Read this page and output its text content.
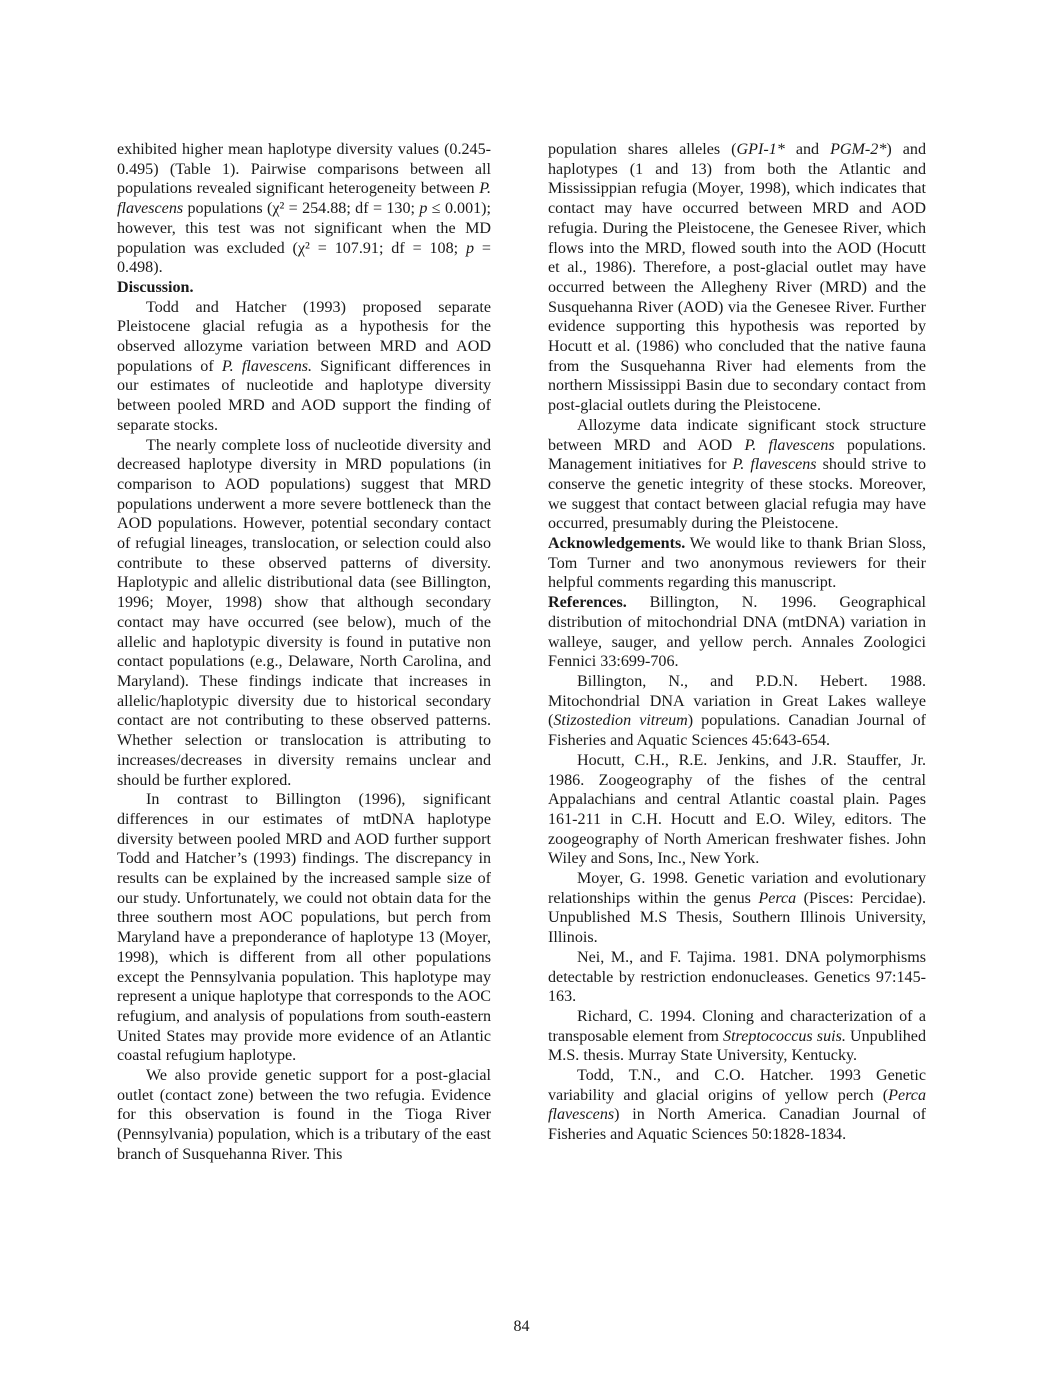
exhibited higher mean haplotype diversity values (0.245-0.495) (Table 1). Pairwise comparisons between all populations revealed significant heterogeneity between P. flavescens populations (χ² = 254.88; df = 130; p ≤ 0.001); however, this test was not significant when the MD population was excluded (χ² = 107.91; df = 108; p = 0.498).

Discussion.

Todd and Hatcher (1993) proposed separate Pleistocene glacial refugia as a hypothesis for the observed allozyme variation between MRD and AOD populations of P. flavescens. Significant differences in our estimates of nucleotide and haplotype diversity between pooled MRD and AOD support the finding of separate stocks.

The nearly complete loss of nucleotide diversity and decreased haplotype diversity in MRD populations (in comparison to AOD populations) suggest that MRD populations underwent a more severe bottleneck than the AOD populations. However, potential secondary contact of refugial lineages, translocation, or selection could also contribute to these observed patterns of diversity. Haplotypic and allelic distributional data (see Billington, 1996; Moyer, 1998) show that although secondary contact may have occurred (see below), much of the allelic and haplotypic diversity is found in putative non contact populations (e.g., Delaware, North Carolina, and Maryland). These findings indicate that increases in allelic/haplotypic diversity due to historical secondary contact are not contributing to these observed patterns. Whether selection or translocation is attributing to increases/decreases in diversity remains unclear and should be further explored.

In contrast to Billington (1996), significant differences in our estimates of mtDNA haplotype diversity between pooled MRD and AOD further support Todd and Hatcher’s (1993) findings. The discrepancy in results can be explained by the increased sample size of our study. Unfortunately, we could not obtain data for the three southern most AOC populations, but perch from Maryland have a preponderance of haplotype 13 (Moyer, 1998), which is different from all other populations except the Pennsylvania population. This haplotype may represent a unique haplotype that corresponds to the AOC refugium, and analysis of populations from south-eastern United States may provide more evidence of an Atlantic coastal refugium haplotype.

We also provide genetic support for a post-glacial outlet (contact zone) between the two refugia. Evidence for this observation is found in the Tioga River (Pennsylvania) population, which is a tributary of the east branch of Susquehanna River. This

population shares alleles (GPI-1* and PGM-2*) and haplotypes (1 and 13) from both the Atlantic and Mississippian refugia (Moyer, 1998), which indicates that contact may have occurred between MRD and AOD refugia. During the Pleistocene, the Genesee River, which flows into the MRD, flowed south into the AOD (Hocutt et al., 1986). Therefore, a post-glacial outlet may have occurred between the Allegheny River (MRD) and the Susquehanna River (AOD) via the Genesee River. Further evidence supporting this hypothesis was reported by Hocutt et al. (1986) who concluded that the native fauna from the Susquehanna River had elements from the northern Mississippi Basin due to secondary contact from post-glacial outlets during the Pleistocene.

Allozyme data indicate significant stock structure between MRD and AOD P. flavescens populations. Management initiatives for P. flavescens should strive to conserve the genetic integrity of these stocks. Moreover, we suggest that contact between glacial refugia may have occurred, presumably during the Pleistocene.

Acknowledgements. We would like to thank Brian Sloss, Tom Turner and two anonymous reviewers for their helpful comments regarding this manuscript.

References. Billington, N. 1996. Geographical distribution of mitochondrial DNA (mtDNA) variation in walleye, sauger, and yellow perch. Annales Zoologici Fennici 33:699-706.

Billington, N., and P.D.N. Hebert. 1988. Mitochondrial DNA variation in Great Lakes walleye (Stizostedion vitreum) populations. Canadian Journal of Fisheries and Aquatic Sciences 45:643-654.

Hocutt, C.H., R.E. Jenkins, and J.R. Stauffer, Jr. 1986. Zoogeography of the fishes of the central Appalachians and central Atlantic coastal plain. Pages 161-211 in C.H. Hocutt and E.O. Wiley, editors. The zoogeography of North American freshwater fishes. John Wiley and Sons, Inc., New York.

Moyer, G. 1998. Genetic variation and evolutionary relationships within the genus Perca (Pisces: Percidae). Unpublished M.S Thesis, Southern Illinois University, Illinois.

Nei, M., and F. Tajima. 1981. DNA polymorphisms detectable by restriction endonucleases. Genetics 97:145-163.

Richard, C. 1994. Cloning and characterization of a transposable element from Streptococcus suis. Unpublihed M.S. thesis. Murray State University, Kentucky.

Todd, T.N., and C.O. Hatcher. 1993 Genetic variability and glacial origins of yellow perch (Perca flavescens) in North America. Canadian Journal of Fisheries and Aquatic Sciences 50:1828-1834.

84
